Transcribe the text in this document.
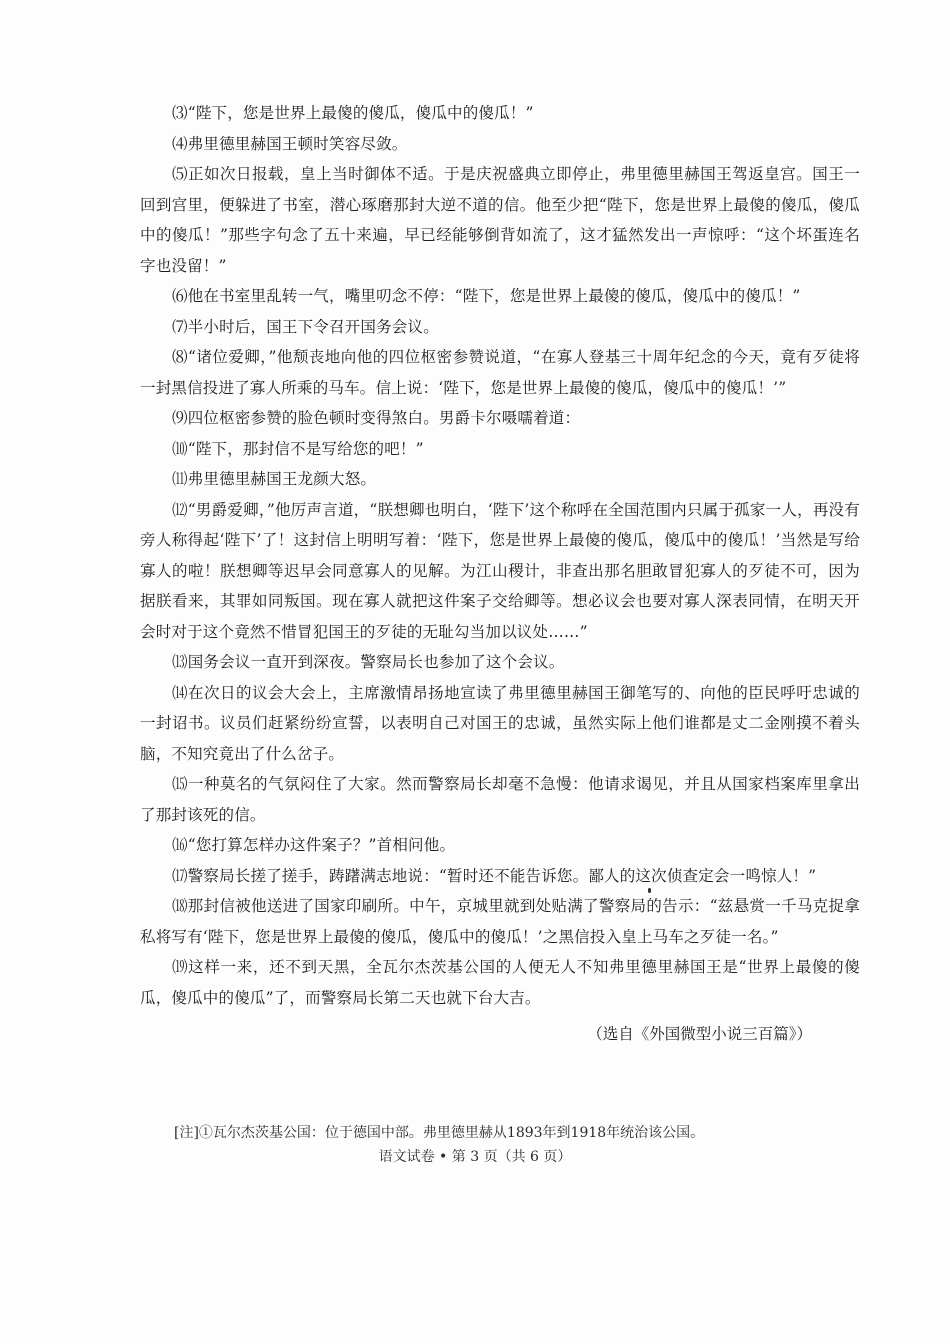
⑶“陛下，您是世界上最傻的傻瓜，傻瓜中的傻瓜！”

⑷弗里德里赫国王顿时笑容尽敛。

⑸正如次日报载，皇上当时御体不适。于是庆祝盛典立即停止，弗里德里赫国王驾返皇宫。国王一回到宫里，便躲进了书室，潜心琢磨那封大逆不道的信。他至少把“陛下，您是世界上最傻的傻瓜，傻瓜中的傻瓜！”那些字句念了五十来遍，早已经能够倒背如流了，这才猛然发出一声惊呼：“这个坏蛋连名字也没留！”

⑹他在书室里乱转一气，嘴里叨念不停：“陛下，您是世界上最傻的傻瓜，傻瓜中的傻瓜！”

⑺半小时后，国王下令召开国务会议。

⑻“诸位爱卿，”他颓丧地向他的四位枢密参赞说道，“在寡人登基三十周年纪念的今天，竟有歹徒将一封黑信投进了寡人所乘的马车。信上说：‘陛下，您是世界上最傻的傻瓜，傻瓜中的傻瓜！’”

⑼四位枢密参赞的脸色顿时变得煞白。男爵卡尔嗫嚅着道：

⑽“陛下，那封信不是写给您的吧！”

⑾弗里德里赫国王龙颜大怒。

⑿“男爵爱卿，”他厉声言道，“朕想卿也明白，‘陛下’这个称呼在全国范围内只属于孤家一人，再没有旁人称得起‘陛下’了！这封信上明明写着：‘陛下，您是世界上最傻的傻瓜，傻瓜中的傻瓜！’当然是写给寡人的啦！朕想卿等迟早会同意寡人的见解。为江山稷计，非查出那名胆敢冒犯寡人的歹徒不可，因为据朕看来，其罪如同叛国。现在寡人就把这件案子交给卿等。想必议会也要对寡人深表同情，在明天开会时对于这个竟然不惜冒犯国王的歹徒的无耻勾当加以议处……”

⒀国务会议一直开到深夜。警察局长也参加了这个会议。

⒁在次日的议会大会上，主席激情昂扬地宣读了弗里德里赫国王御笔写的、向他的臣民呼吁忠诚的一封诏书。议员们赶紧纷纷宣誓，以表明自己对国王的忠诚，虽然实际上他们谁都是丈二金刚摸不着头脑，不知究竟出了什么岔子。

⒂一种莫名的气氛闷住了大家。然而警察局长却毫不急慢：他请求谒见，并且从国家档案库里拿出了那封该死的信。

⒃“您打算怎样办这件案子？”首相问他。

⒄警察局长搓了搓手，踌躇满志地说：“暂时还不能告诉您。鄙人的这次侦查定会一鸣惊人！”

⒅那封信被他送进了国家印刷所。中午，京城里就到处贴满了警察局的告示：“兹悬赏一千马克捉拿私将写有‘陛下，您是世界上最傻的傻瓜，傻瓜中的傻瓜！’之黑信投入皇上马车之歹徒一名。”

⒆这样一来，还不到天黑，全瓦尔杰茨基公国的人便无人不知弗里德里赫国王是“世界上最傻的傻瓜，傻瓜中的傻瓜”了，而警察局长第二天也就下台大吉。

（选自《外国微型小说三百篇》）

[注]①瓦尔杰茨基公国：位于德国中部。弗里德里赫从1893年到1918年统治该公国。
语文试卷 • 第 3 页（共 6 页）
